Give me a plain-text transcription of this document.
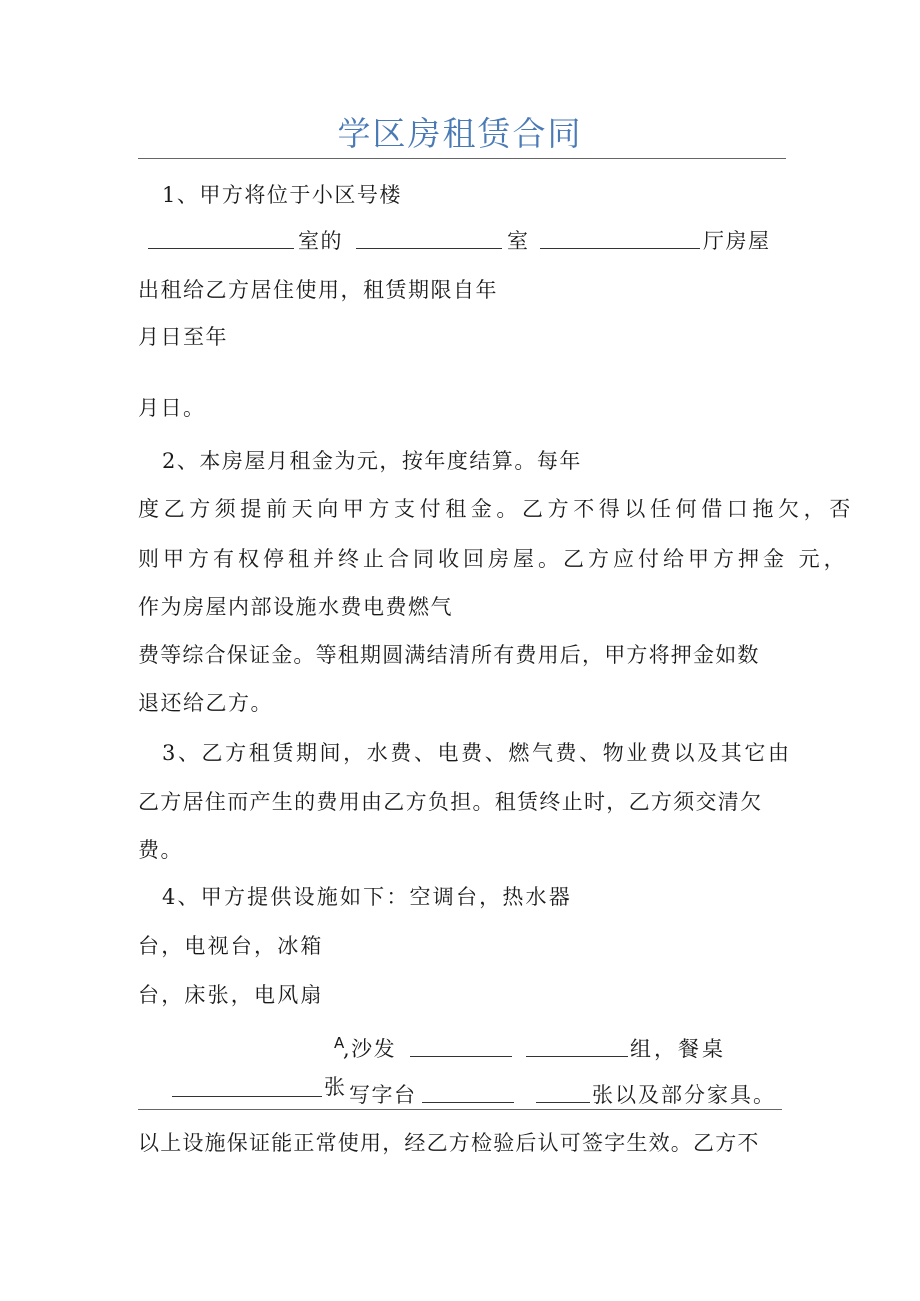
学区房租赁合同
1、甲方将位于小区号楼
室的	室	厅房屋
出租给乙方居住使用，租赁期限自年
月日至年
月日。
2、本房屋月租金为元，按年度结算。每年
度乙方须提前天向甲方支付租金。乙方不得以任何借口拖欠，否
则甲方有权停租并终止合同收回房屋。乙方应付给甲方押金 元，
作为房屋内部设施水费电费燃气
费等综合保证金。等租期圆满结清所有费用后，甲方将押金如数
退还给乙方。
3、乙方租赁期间，水费、电费、燃气费、物业费以及其它由
乙方居住而产生的费用由乙方负担。租赁终止时，乙方须交清欠
费。
4、甲方提供设施如下：空调台，热水器
台，电视台，冰箱
台，床张，电风扇
A
,沙发	组，餐桌
张 写字台	张以及部分家具。
以上设施保证能正常使用，经乙方检验后认可签字生效。乙方不
